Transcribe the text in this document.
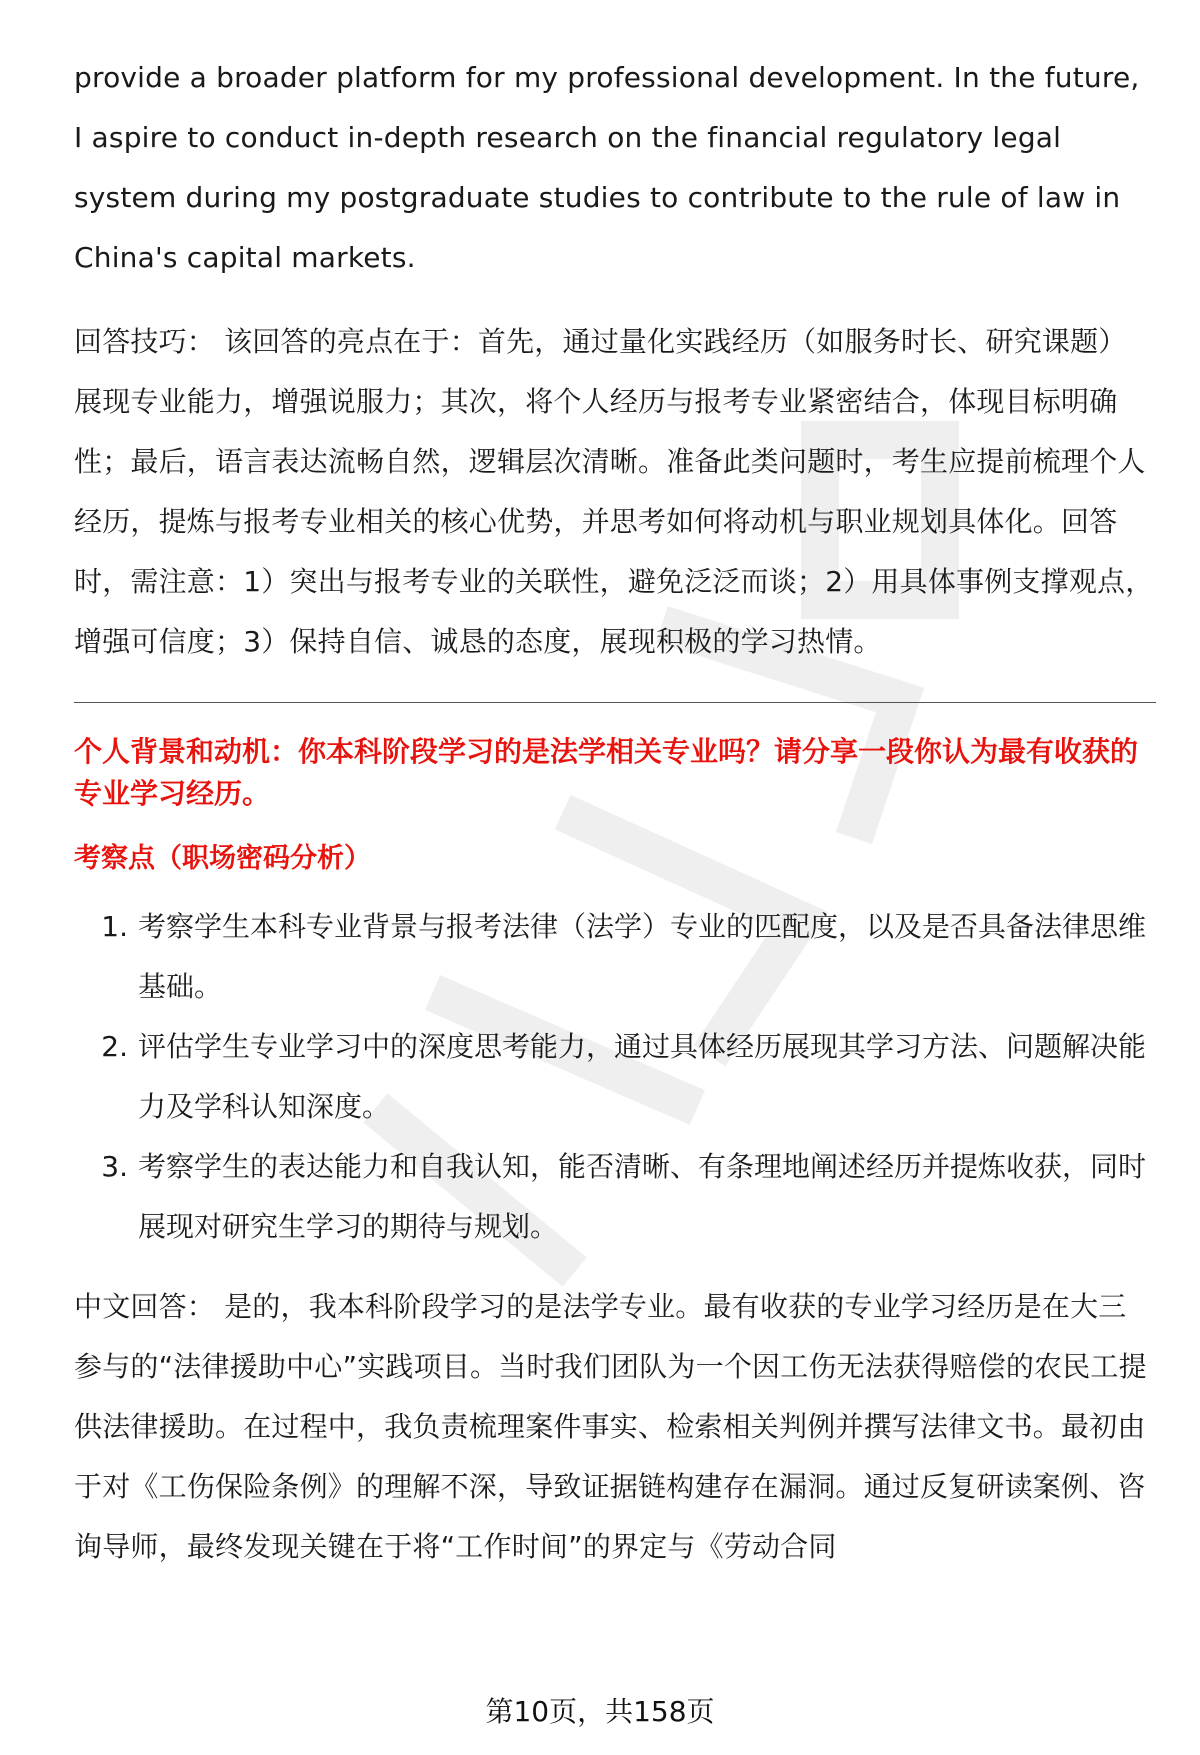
provide a broader platform for my professional development. In the future, I aspire to conduct in-depth research on the financial regulatory legal system during my postgraduate studies to contribute to the rule of law in China's capital markets.

回答技巧： 该回答的亮点在于：首先，通过量化实践经历（如服务时长、研究课题）展现专业能力，增强说服力；其次，将个人经历与报考专业紧密结合，体现目标明确性；最后，语言表达流畅自然，逻辑层次清晰。准备此类问题时，考生应提前梳理个人经历，提炼与报考专业相关的核心优势，并思考如何将动机与职业规划具体化。回答时，需注意：1）突出与报考专业的关联性，避免泛泛而谈；2）用具体事例支撑观点，增强可信度；3）保持自信、诚恳的态度，展现积极的学习热情。

个人背景和动机：你本科阶段学习的是法学相关专业吗？请分享一段你认为最有收获的专业学习经历。

考察点（职场密码分析）

1. 考察学生本科专业背景与报考法律（法学）专业的匹配度，以及是否具备法律思维基础。
2. 评估学生专业学习中的深度思考能力，通过具体经历展现其学习方法、问题解决能力及学科认知深度。
3. 考察学生的表达能力和自我认知，能否清晰、有条理地阐述经历并提炼收获，同时展现对研究生学习的期待与规划。

中文回答： 是的，我本科阶段学习的是法学专业。最有收获的专业学习经历是在大三参与的“法律援助中心”实践项目。当时我们团队为一个因工伤无法获得赔偿的农民工提供法律援助。在过程中，我负责梳理案件事实、检索相关判例并撰写法律文书。最初由于对《工伤保险条例》的理解不深，导致证据链构建存在漏洞。通过反复研读案例、咨询导师，最终发现关键在于将“工作时间”的界定与《劳动合同

第10页，共158页
